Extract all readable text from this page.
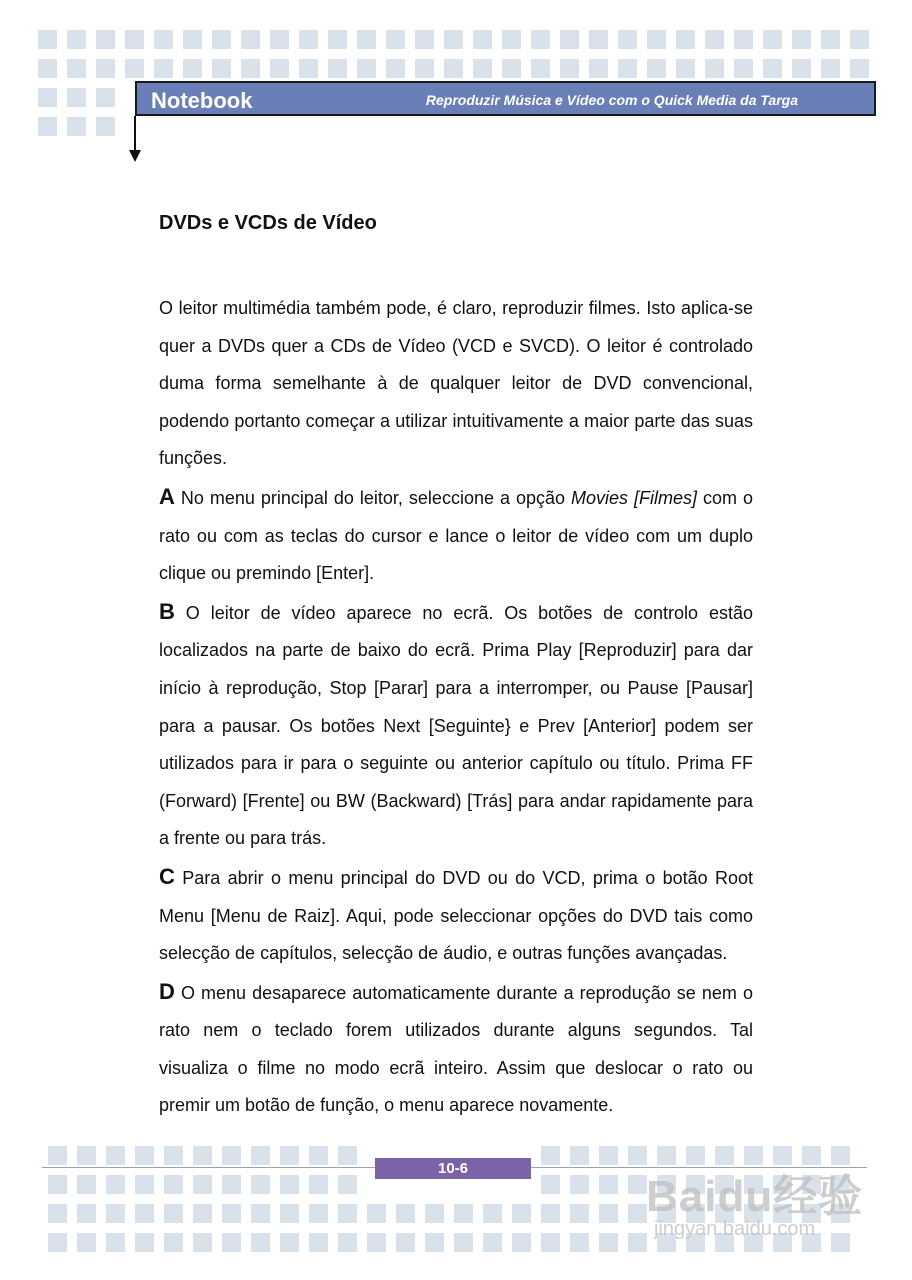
Notebook	Reproduzir Música e Vídeo com o Quick Media da Targa
DVDs e VCDs de Vídeo

O leitor multimédia também pode, é claro, reproduzir filmes. Isto aplica-se quer a DVDs quer a CDs de Vídeo (VCD e SVCD). O leitor é controlado duma forma semelhante à de qualquer leitor de DVD convencional, podendo portanto começar a utilizar intuitivamente a maior parte das suas funções.

A No menu principal do leitor, seleccione a opção Movies [Filmes] com o rato ou com as teclas do cursor e lance o leitor de vídeo com um duplo clique ou premindo [Enter].

B O leitor de vídeo aparece no ecrã. Os botões de controlo estão localizados na parte de baixo do ecrã. Prima Play [Reproduzir] para dar início à reprodução, Stop [Parar] para a interromper, ou Pause [Pausar] para a pausar. Os botões Next [Seguinte} e Prev [Anterior] podem ser utilizados para ir para o seguinte ou anterior capítulo ou título. Prima FF (Forward) [Frente] ou BW (Backward) [Trás] para andar rapidamente para a frente ou para trás.

C Para abrir o menu principal do DVD ou do VCD, prima o botão Root Menu [Menu de Raiz]. Aqui, pode seleccionar opções do DVD tais como selecção de capítulos, selecção de áudio, e outras funções avançadas.

D O menu desaparece automaticamente durante a reprodução se nem o rato nem o teclado forem utilizados durante alguns segundos. Tal visualiza o filme no modo ecrã inteiro. Assim que deslocar o rato ou premir um botão de função, o menu aparece novamente.

10-6
Baidu经验
jingyan.baidu.com
